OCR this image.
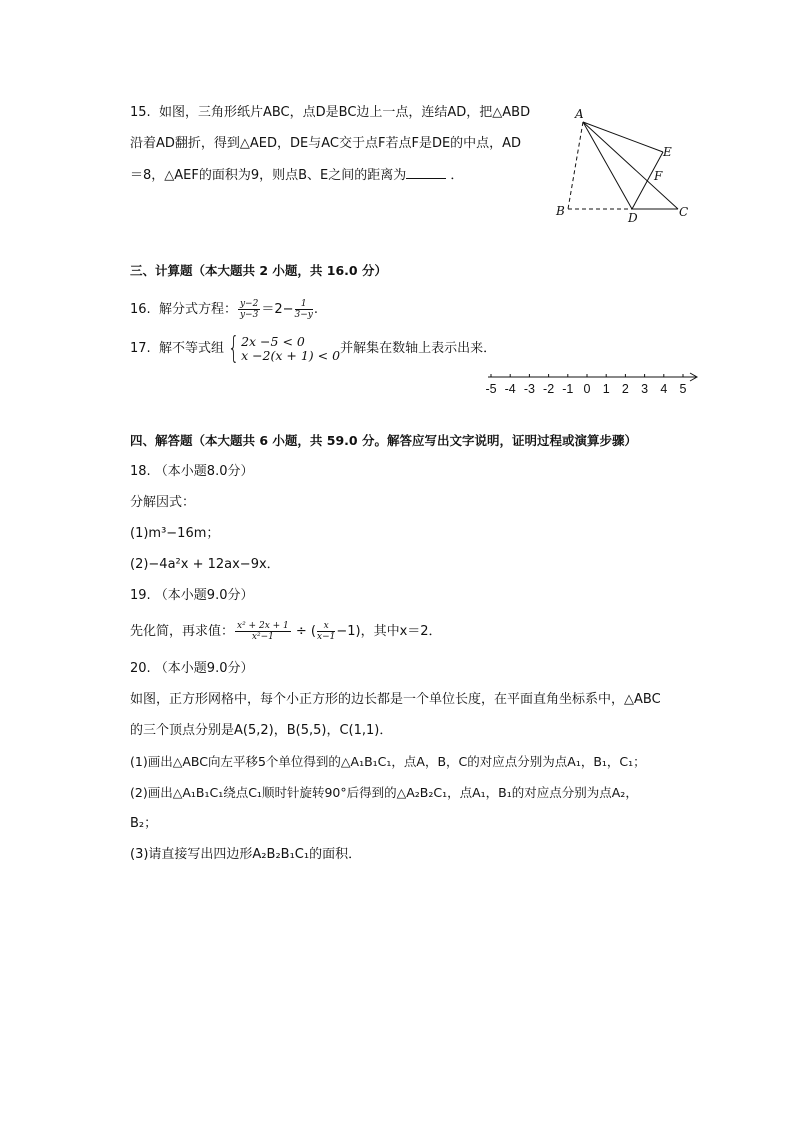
15. 如图，三角形纸片ABC，点D是BC边上一点，连结AD，把△ABD
沿着AD翻折，得到△AED，DE与AC交于点F若点F是DE的中点，AD
＝8，△AEF的面积为9，则点B、E之间的距离为	．
A
B	C
D
E
F
三、计算题（本大题共 2 小题，共 16.0 分）
16. 解分式方程： $\frac{y-2}{y-3} =2- \frac{1}{3-y}$ .
17. 解不等式组 { 2x −5 < 0
x −2(x + 1) < 0 并解集在数轴上表示出来．
-5 -4 -3 -2 -1 0 1 2 3 4 5
四、解答题（本大题共 6 小题，共 59.0 分。解答应写出文字说明，证明过程或演算步骤）
18. （本小题8.0分）
分解因式：
(1)m³−16m；
(2)−4a²x + 12ax−9x．
19. （本小题9.0分）
先化简，再求值： $\frac{\text{x² + 2x + 1}}{\text{x²−1}}$ ÷ ( $\frac{x}{x-1} -1$)，其中x＝2．
20. （本小题9.0分）
如图，正方形网格中，每个小正方形的边长都是一个单位长度，在平面直角坐标系中，△ABC
的三个顶点分别是A(5,2)，B(5,5)，C(1,1)．
(1)画出△ABC向左平移5个单位得到的△A₁B₁C₁，点A，B，C的对应点分别为点A₁，B₁，C₁；
(2)画出△A₁B₁C₁绕点C₁顺时针旋转90°后得到的△A₂B₂C₁，点A₁，B₁的对应点分别为点A₂，
B₂；
(3)请直接写出四边形A₂B₂B₁C₁的面积．
